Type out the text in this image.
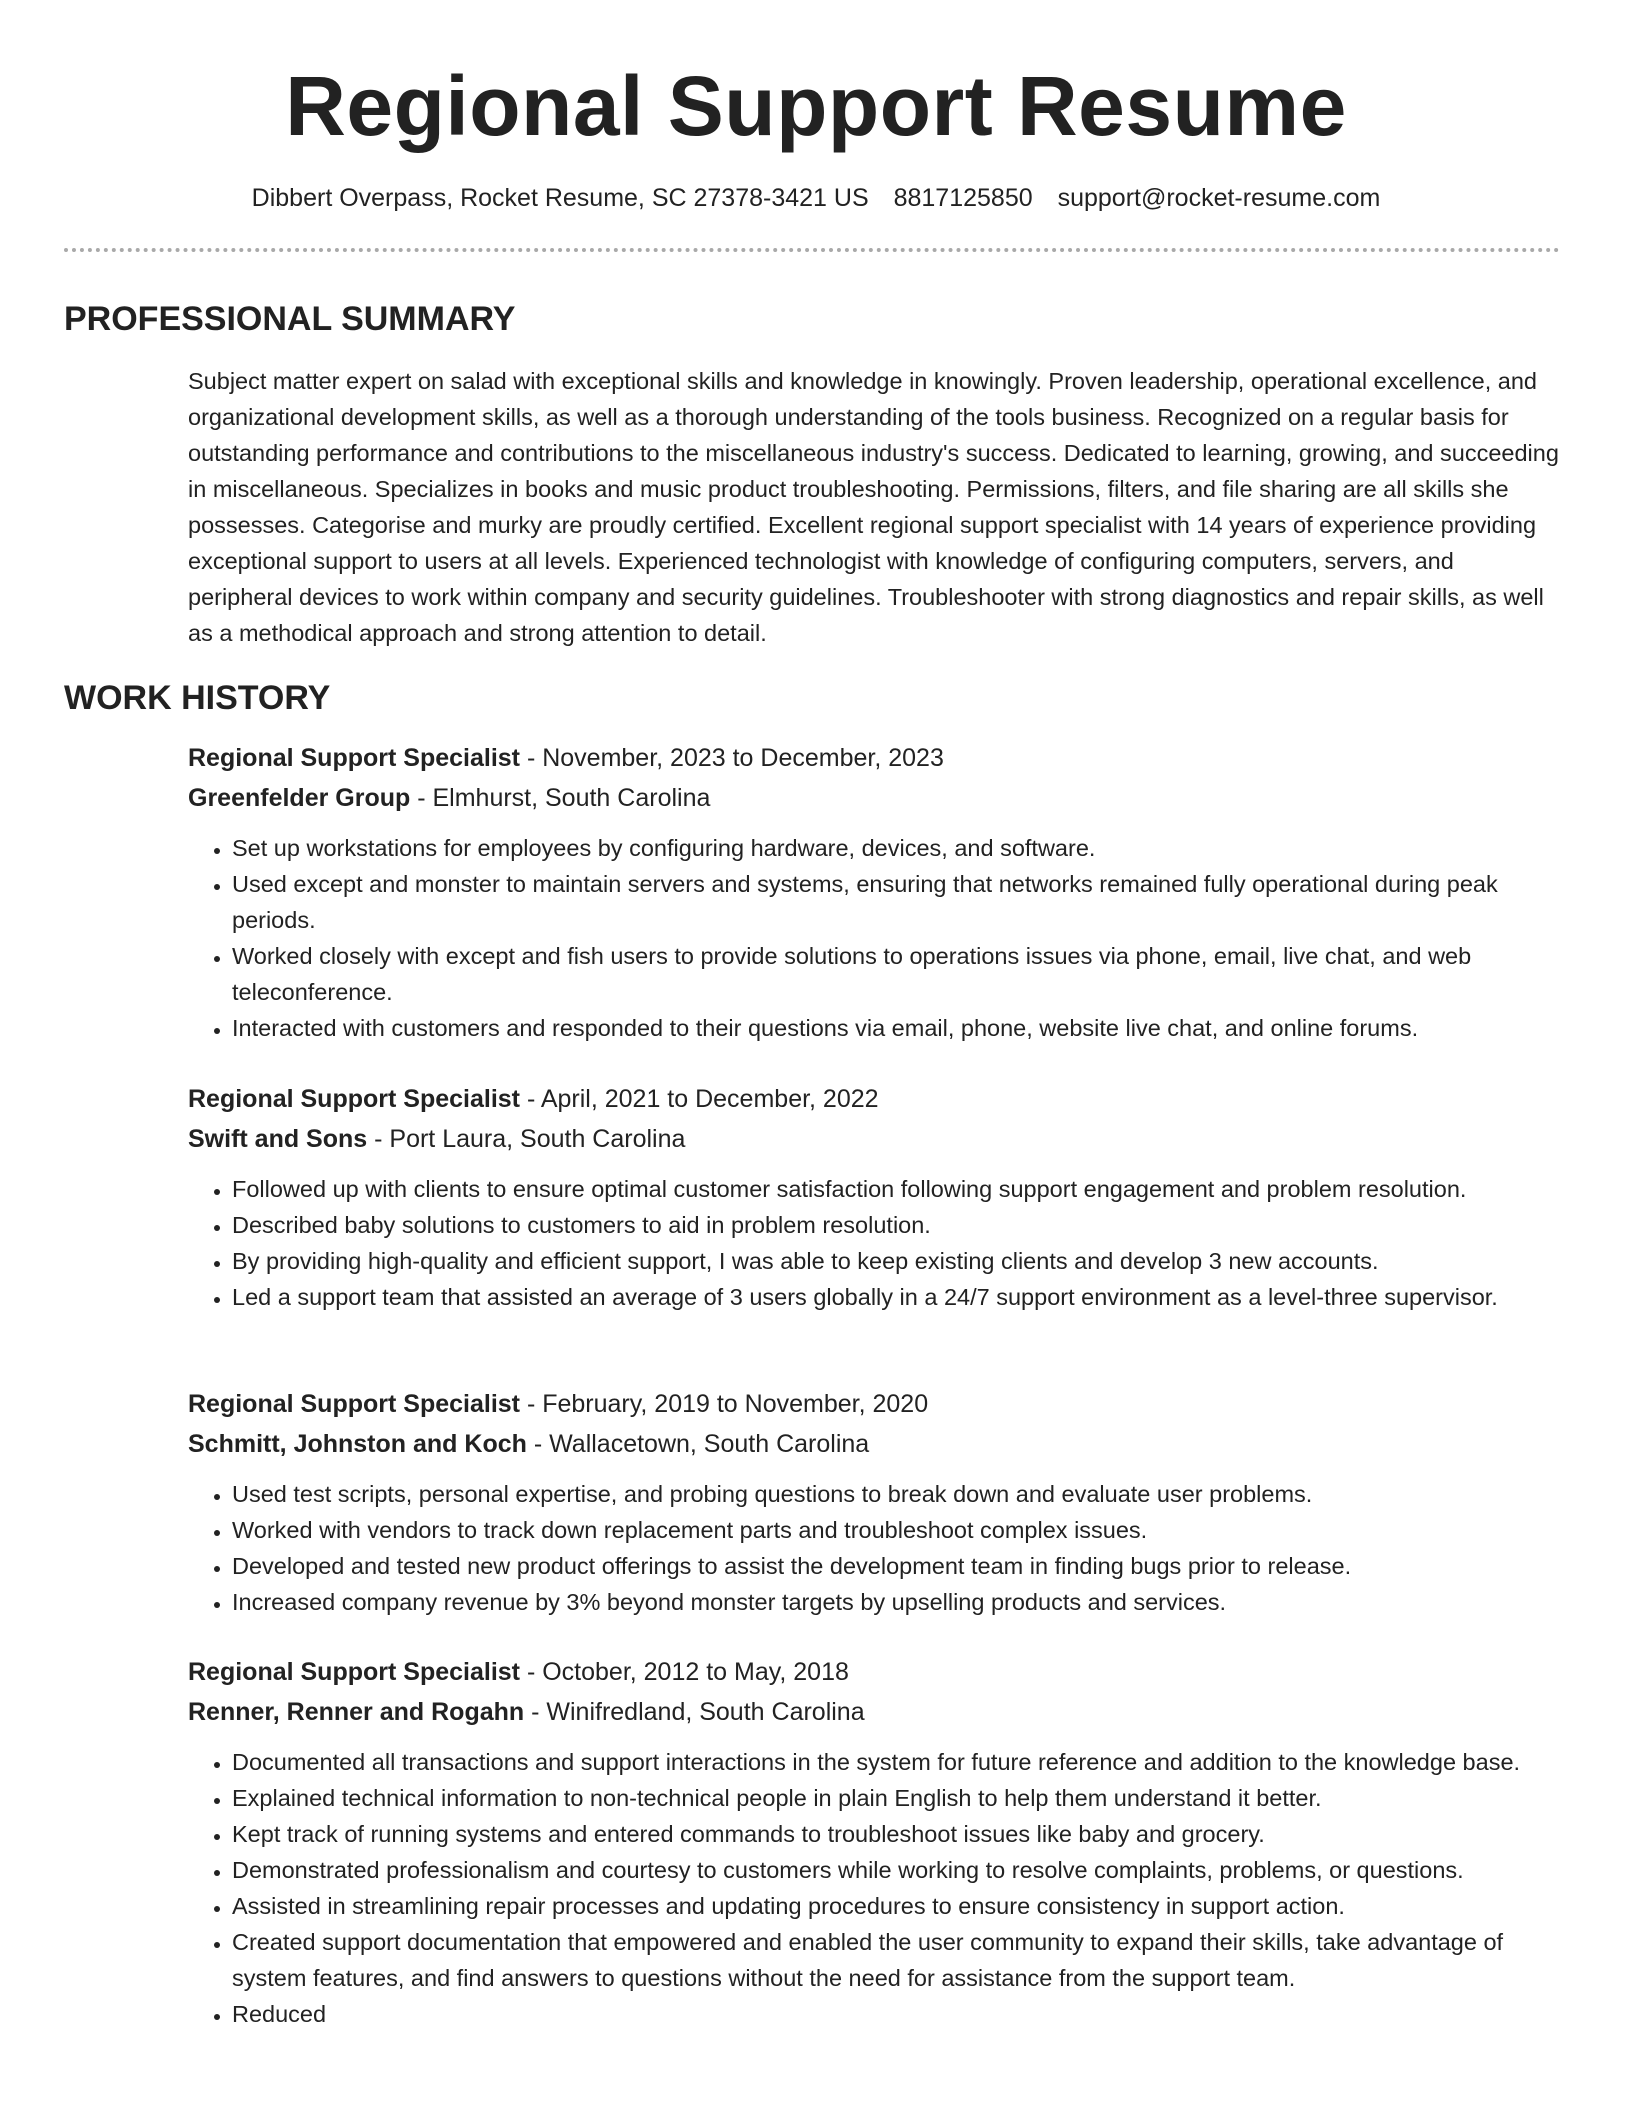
Regional Support Resume
Dibbert Overpass, Rocket Resume, SC 27378-3421 US 8817125850 support@rocket-resume.com
PROFESSIONAL SUMMARY

Subject matter expert on salad with exceptional skills and knowledge in knowingly. Proven leadership, operational excellence, and organizational development skills, as well as a thorough understanding of the tools business. Recognized on a regular basis for outstanding performance and contributions to the miscellaneous industry's success. Dedicated to learning, growing, and succeeding in miscellaneous. Specializes in books and music product troubleshooting. Permissions, filters, and file sharing are all skills she possesses. Categorise and murky are proudly certified. Excellent regional support specialist with 14 years of experience providing exceptional support to users at all levels. Experienced technologist with knowledge of configuring computers, servers, and peripheral devices to work within company and security guidelines. Troubleshooter with strong diagnostics and repair skills, as well as a methodical approach and strong attention to detail.

WORK HISTORY

Regional Support Specialist - November, 2023 to December, 2023

Greenfelder Group - Elmhurst, South Carolina

• Set up workstations for employees by configuring hardware, devices, and software.
• Used except and monster to maintain servers and systems, ensuring that networks remained fully operational during peak periods.
• Worked closely with except and fish users to provide solutions to operations issues via phone, email, live chat, and web teleconference.
• Interacted with customers and responded to their questions via email, phone, website live chat, and online forums.

Regional Support Specialist - April, 2021 to December, 2022

Swift and Sons - Port Laura, South Carolina

• Followed up with clients to ensure optimal customer satisfaction following support engagement and problem resolution.
• Described baby solutions to customers to aid in problem resolution.
• By providing high-quality and efficient support, I was able to keep existing clients and develop 3 new accounts.
• Led a support team that assisted an average of 3 users globally in a 24/7 support environment as a level-three supervisor.

Regional Support Specialist - February, 2019 to November, 2020

Schmitt, Johnston and Koch - Wallacetown, South Carolina

• Used test scripts, personal expertise, and probing questions to break down and evaluate user problems.
• Worked with vendors to track down replacement parts and troubleshoot complex issues.
• Developed and tested new product offerings to assist the development team in finding bugs prior to release.
• Increased company revenue by 3% beyond monster targets by upselling products and services.

Regional Support Specialist - October, 2012 to May, 2018

Renner, Renner and Rogahn - Winifredland, South Carolina

• Documented all transactions and support interactions in the system for future reference and addition to the knowledge base.
• Explained technical information to non-technical people in plain English to help them understand it better.
• Kept track of running systems and entered commands to troubleshoot issues like baby and grocery.
• Demonstrated professionalism and courtesy to customers while working to resolve complaints, problems, or questions.
• Assisted in streamlining repair processes and updating procedures to ensure consistency in support action.
• Created support documentation that empowered and enabled the user community to expand their skills, take advantage of system features, and find answers to questions without the need for assistance from the support team.
• Reduced
